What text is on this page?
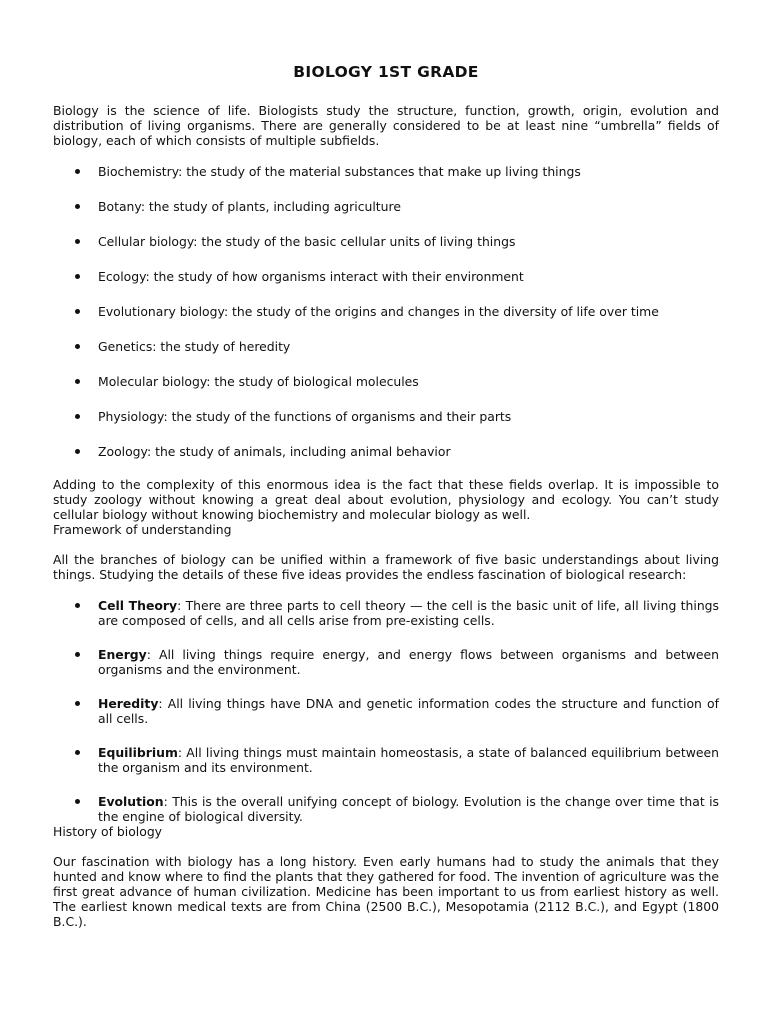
BIOLOGY 1ST GRADE

Biology is the science of life. Biologists study the structure, function, growth, origin, evolution and distribution of living organisms. There are generally considered to be at least nine “umbrella” fields of biology, each of which consists of multiple subfields.

Biochemistry: the study of the material substances that make up living things
Botany: the study of plants, including agriculture
Cellular biology: the study of the basic cellular units of living things
Ecology: the study of how organisms interact with their environment
Evolutionary biology: the study of the origins and changes in the diversity of life over time
Genetics: the study of heredity
Molecular biology: the study of biological molecules
Physiology: the study of the functions of organisms and their parts
Zoology: the study of animals, including animal behavior

Adding to the complexity of this enormous idea is the fact that these fields overlap. It is impossible to study zoology without knowing a great deal about evolution, physiology and ecology. You can’t study cellular biology without knowing biochemistry and molecular biology as well.

Framework of understanding

All the branches of biology can be unified within a framework of five basic understandings about living things. Studying the details of these five ideas provides the endless fascination of biological research:

Cell Theory: There are three parts to cell theory — the cell is the basic unit of life, all living things are composed of cells, and all cells arise from pre-existing cells.
Energy: All living things require energy, and energy flows between organisms and between organisms and the environment.
Heredity: All living things have DNA and genetic information codes the structure and function of all cells.
Equilibrium: All living things must maintain homeostasis, a state of balanced equilibrium between the organism and its environment.
Evolution: This is the overall unifying concept of biology. Evolution is the change over time that is the engine of biological diversity.

History of biology

Our fascination with biology has a long history. Even early humans had to study the animals that they hunted and know where to find the plants that they gathered for food. The invention of agriculture was the first great advance of human civilization. Medicine has been important to us from earliest history as well. The earliest known medical texts are from China (2500 B.C.), Mesopotamia (2112 B.C.), and Egypt (1800 B.C.).
